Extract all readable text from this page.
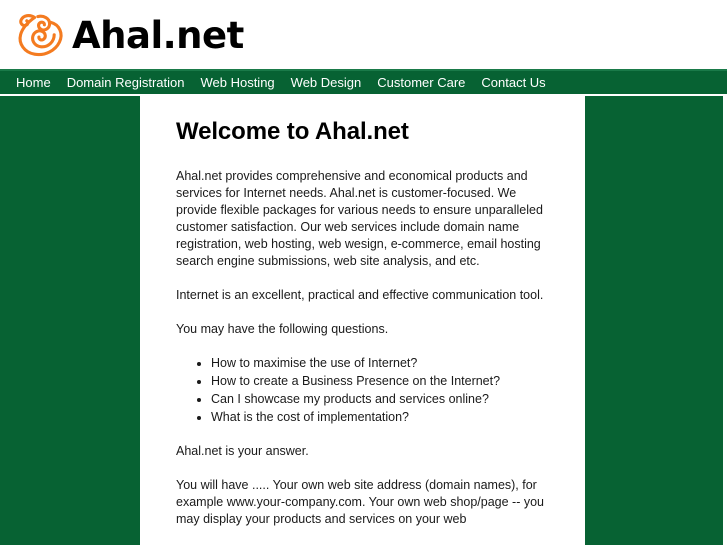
Ahal.net
Home	Domain Registration	Web Hosting	Web Design	Customer Care	Contact Us
Welcome to Ahal.net

Ahal.net provides comprehensive and economical products and services for Internet needs. Ahal.net is customer-focused. We provide flexible packages for various needs to ensure unparalleled customer satisfaction. Our web services include domain name registration, web hosting, web wesign, e-commerce, email hosting search engine submissions, web site analysis, and etc.

Internet is an excellent, practical and effective communication tool.

You may have the following questions.

• How to maximise the use of Internet?
• How to create a Business Presence on the Internet?
• Can I showcase my products and services online?
• What is the cost of implementation?

Ahal.net is your answer.

You will have ..... Your own web site address (domain names), for example www.your-company.com. Your own web shop/page -- you may display your products and services on your web
